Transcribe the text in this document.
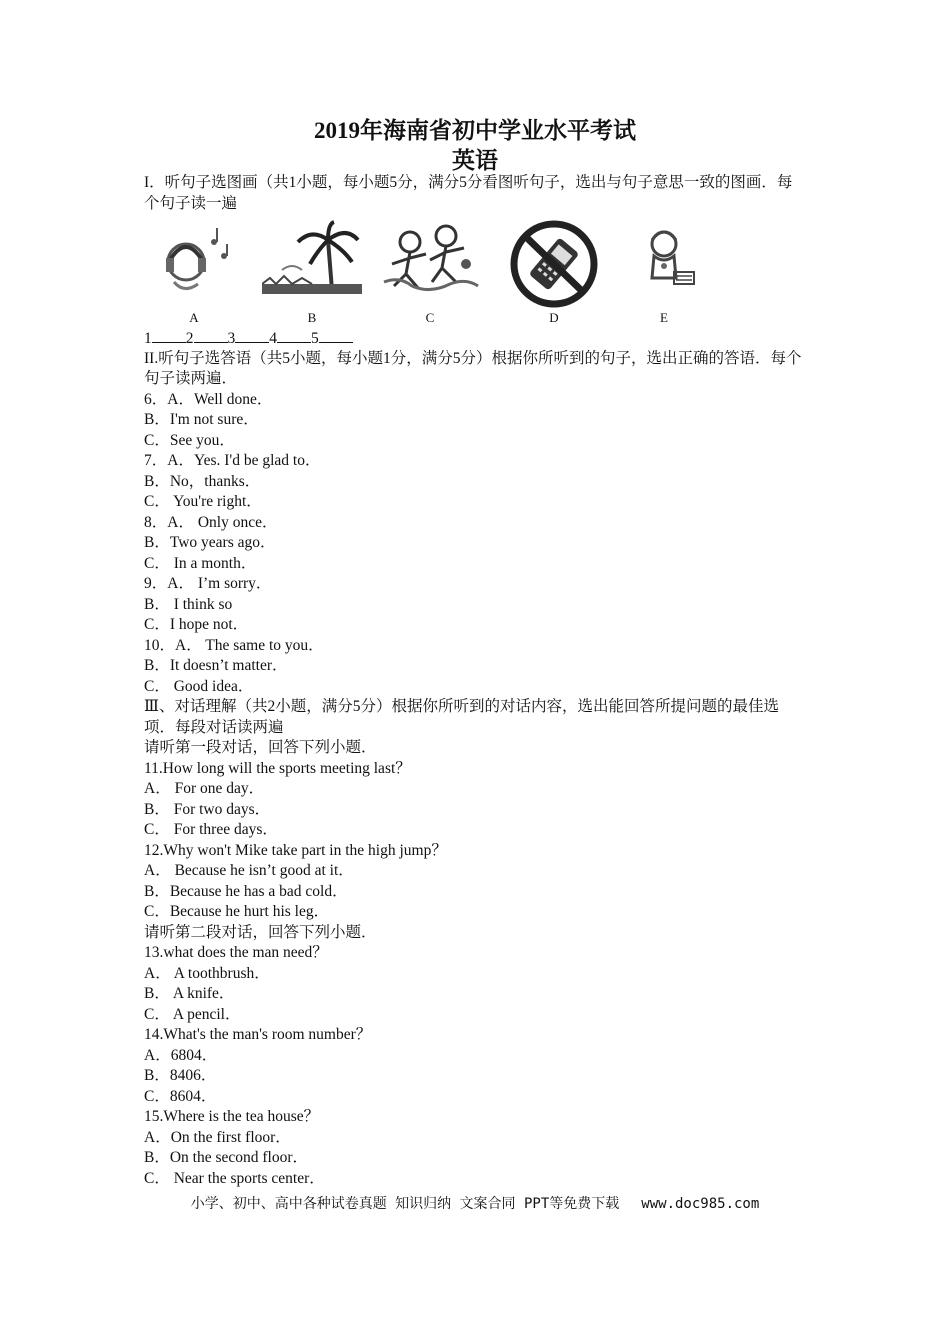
2019年海南省初中学业水平考试
英语
I．听句子选图画（共1小题，每小题5分，满分5分看图听句子，选出与句子意思一致的图画．每个句子读一遍
A	B	C	D	E
1 2 3 4 5
II.听句子选答语（共5小题，每小题1分，满分5分）根据你所听到的句子，选出正确的答语．每个句子读两遍．
6．A．Well done．
B．I'm not sure．
C．See you．
7．A．Yes. I'd be glad to．
B．No，thanks．
C． You're right．
8．A． Only once．
B．Two years ago．
C． In a month．
9．A． I’m sorry．
B． I think so
C．I hope not．
10．A． The same to you．
B．It doesn’t matter．
C． Good idea．
Ⅲ、对话理解（共2小题，满分5分）根据你所听到的对话内容，选出能回答所提问题的最佳选项．每段对话读两遍
请听第一段对话，回答下列小题．
11.How long will the sports meeting last？
A． For one day．
B． For two days．
C． For three days．
12.Why won't Mike take part in the high jump？
A． Because he isn’t good at it．
B．Because he has a bad cold．
C．Because he hurt his leg．
请听第二段对话，回答下列小题．
13.what does the man need？
A． A toothbrush．
B． A knife．
C． A pencil．
14.What's the man's room number？
A．6804．
B．8406．
C．8604．
15.Where is the tea house？
A．On the first floor．
B．On the second floor．
C． Near the sports center．
小学、初中、高中各种试卷真题 知识归纳 文案合同 PPT等免费下载 www.doc985.com
